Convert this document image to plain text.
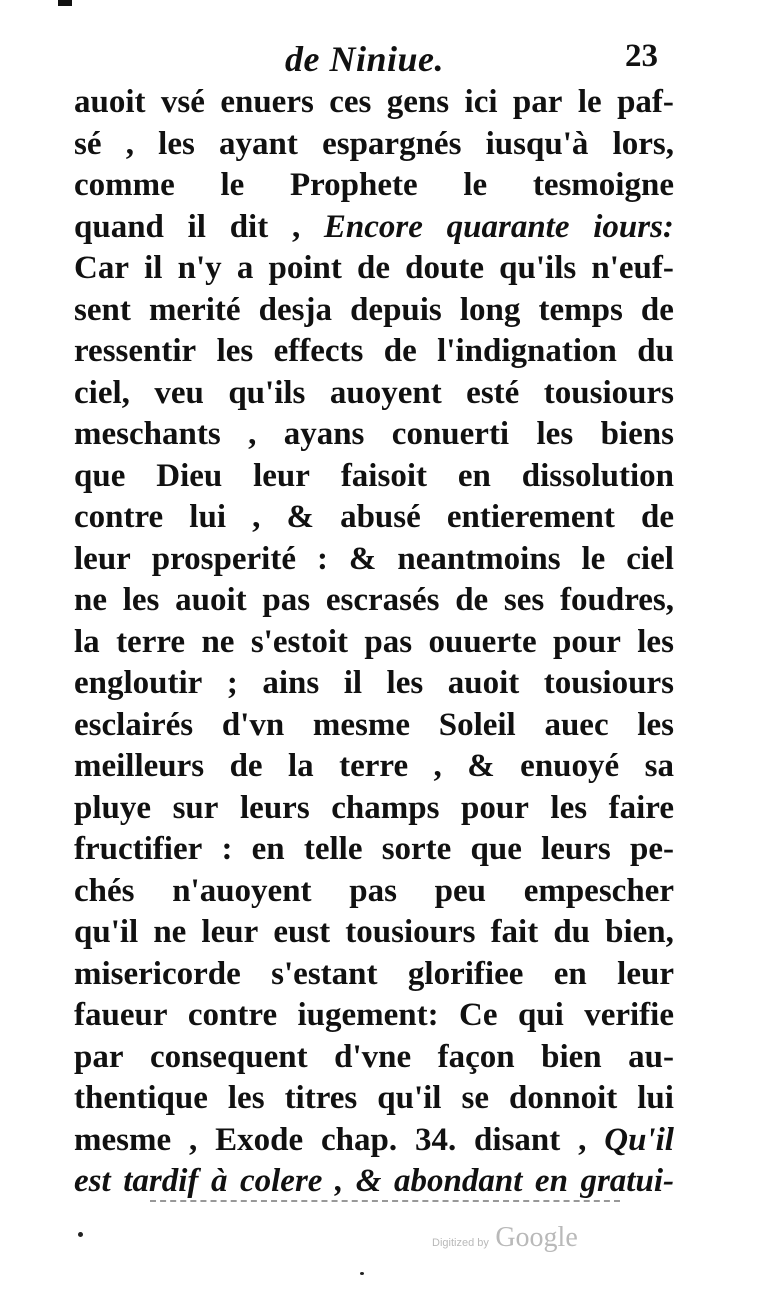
de Niniue.	23
auoit vsé enuers ces gens ici par le paf-
sé , les ayant espargnés iusqu'à lors,
comme le Prophete le tesmoigne
quand il dit , Encore quarante iours:
Car il n'y a point de doute qu'ils n'euf-
sent merité desja depuis long temps de
ressentir les effects de l'indignation du
ciel, veu qu'ils auoyent esté tousiours
meschants , ayans conuerti les biens
que Dieu leur faisoit en dissolution
contre lui , & abusé entierement de
leur prosperité : & neantmoins le ciel
ne les auoit pas escrasés de ses foudres,
la terre ne s'estoit pas ouuerte pour les
engloutir ; ains il les auoit tousiours
esclairés d'vn mesme Soleil auec les
meilleurs de la terre , & enuoyé sa
pluye sur leurs champs pour les faire
fructifier : en telle sorte que leurs pe-
chés n'auoyent pas peu empescher
qu'il ne leur eust tousiours fait du bien,
misericorde s'estant glorifiee en leur
faueur contre iugement: Ce qui verifie
par consequent d'vne façon bien au-
thentique les titres qu'il se donnoit lui
mesme , Exode chap. 34. disant , Qu'il
est tardif à colere , & abondant en gratui-
Digitized by Google
